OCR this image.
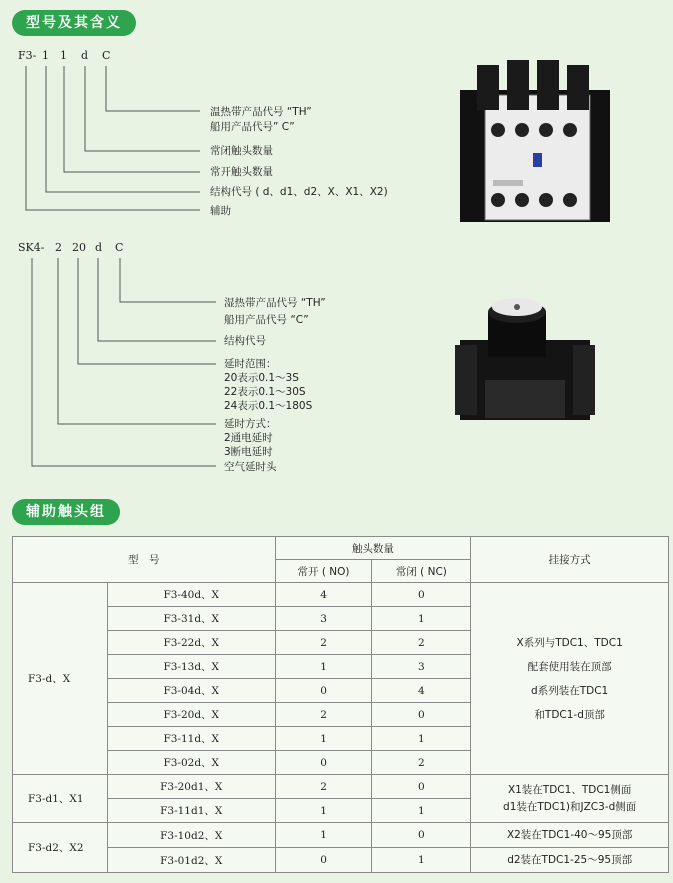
型号及其含义
F3- 1 1 d C
温热带产品代号 “TH”
船用产品代号” C”
常闭触头数量
常开触头数量
结构代号 ( d、d1、d2、X、X1、X2)
辅助
SK4- 2 20 d C
湿热带产品代号 “TH”
船用产品代号 “C”
结构代号
延时范围：
20表示0.1～3S
22表示0.1～30S
24表示0.1～180S
延时方式：
2通电延时
3断电延时
空气延时头
辅助触头组
型　号		触头数量		挂接方式
		常开 ( NO)	常闭 ( NC)	
F3-d、X	F3-40d、X	4	0	X系列与TDC1、TDC1
配套使用装在顶部
d系列装在TDC1
和TDC1-d顶部

	F3-31d、X	3	1	
	F3-22d、X	2	2	
	F3-13d、X	1	3	
	F3-04d、X	0	4	
	F3-20d、X	2	0	
	F3-11d、X	1	1	
	F3-02d、X	0	2	
F3-d1、X1	F3-20d1、X	2	0	X1装在TDC1、TDC1侧面
d1装在TDC1)和JZC3-d侧面

	F3-11d1、X	1	1	
F3-d2、X2	F3-10d2、X	1	0	X2装在TDC1-40～95顶部
	F3-01d2、X	0	1	d2装在TDC1-25～95顶部
